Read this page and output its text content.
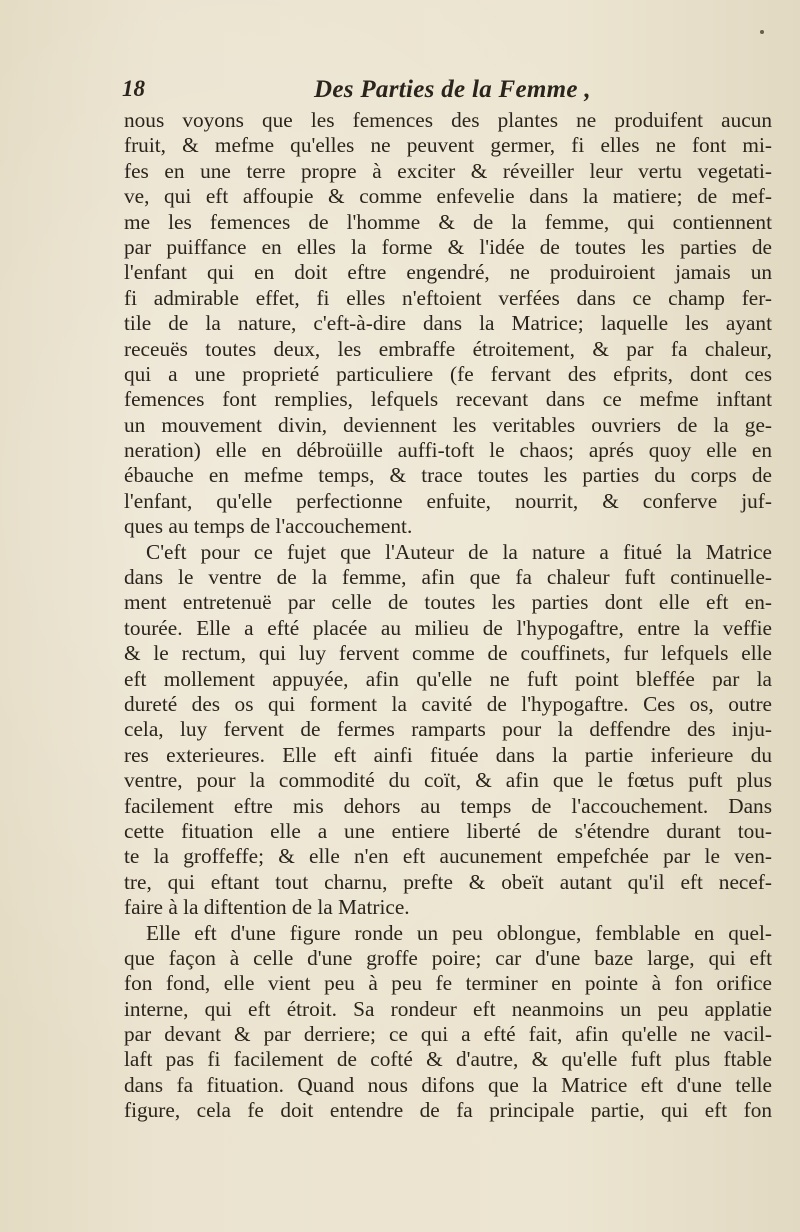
18	Des Parties de la Femme ,
nous voyons que les femences des plantes ne produifent aucun
fruit, & mefme qu'elles ne peuvent germer, fi elles ne font mi-
fes en une terre propre à exciter & réveiller leur vertu vegetati-
ve, qui eft affoupie & comme enfevelie dans la matiere; de mef-
me les femences de l'homme & de la femme, qui contiennent
par puiffance en elles la forme & l'idée de toutes les parties de
l'enfant qui en doit eftre engendré, ne produiroient jamais un
fi admirable effet, fi elles n'eftoient verfées dans ce champ fer-
tile de la nature, c'eft-à-dire dans la Matrice; laquelle les ayant
receuës toutes deux, les embraffe étroitement, & par fa chaleur,
qui a une proprieté particuliere (fe fervant des efprits, dont ces
femences font remplies, lefquels recevant dans ce mefme inftant
un mouvement divin, deviennent les veritables ouvriers de la ge-
neration) elle en débroüille auffi-toft le chaos; aprés quoy elle en
ébauche en mefme temps, & trace toutes les parties du corps de
l'enfant, qu'elle perfectionne enfuite, nourrit, & conferve juf-
ques au temps de l'accouchement.
C'eft pour ce fujet que l'Auteur de la nature a fitué la Matrice
dans le ventre de la femme, afin que fa chaleur fuft continuelle-
ment entretenuë par celle de toutes les parties dont elle eft en-
tourée. Elle a efté placée au milieu de l'hypogaftre, entre la veffie
& le rectum, qui luy fervent comme de couffinets, fur lefquels elle
eft mollement appuyée, afin qu'elle ne fuft point bleffée par la
dureté des os qui forment la cavité de l'hypogaftre. Ces os, outre
cela, luy fervent de fermes ramparts pour la deffendre des inju-
res exterieures. Elle eft ainfi fituée dans la partie inferieure du
ventre, pour la commodité du coït, & afin que le fœtus puft plus
facilement eftre mis dehors au temps de l'accouchement. Dans
cette fituation elle a une entiere liberté de s'étendre durant tou-
te la groffeffe; & elle n'en eft aucunement empefchée par le ven-
tre, qui eftant tout charnu, prefte & obeït autant qu'il eft necef-
faire à la diftention de la Matrice.
Elle eft d'une figure ronde un peu oblongue, femblable en quel-
que façon à celle d'une groffe poire; car d'une baze large, qui eft
fon fond, elle vient peu à peu fe terminer en pointe à fon orifice
interne, qui eft étroit. Sa rondeur eft neanmoins un peu applatie
par devant & par derriere; ce qui a efté fait, afin qu'elle ne vacil-
laft pas fi facilement de cofté & d'autre, & qu'elle fuft plus ftable
dans fa fituation. Quand nous difons que la Matrice eft d'une telle
figure, cela fe doit entendre de fa principale partie, qui eft fon
